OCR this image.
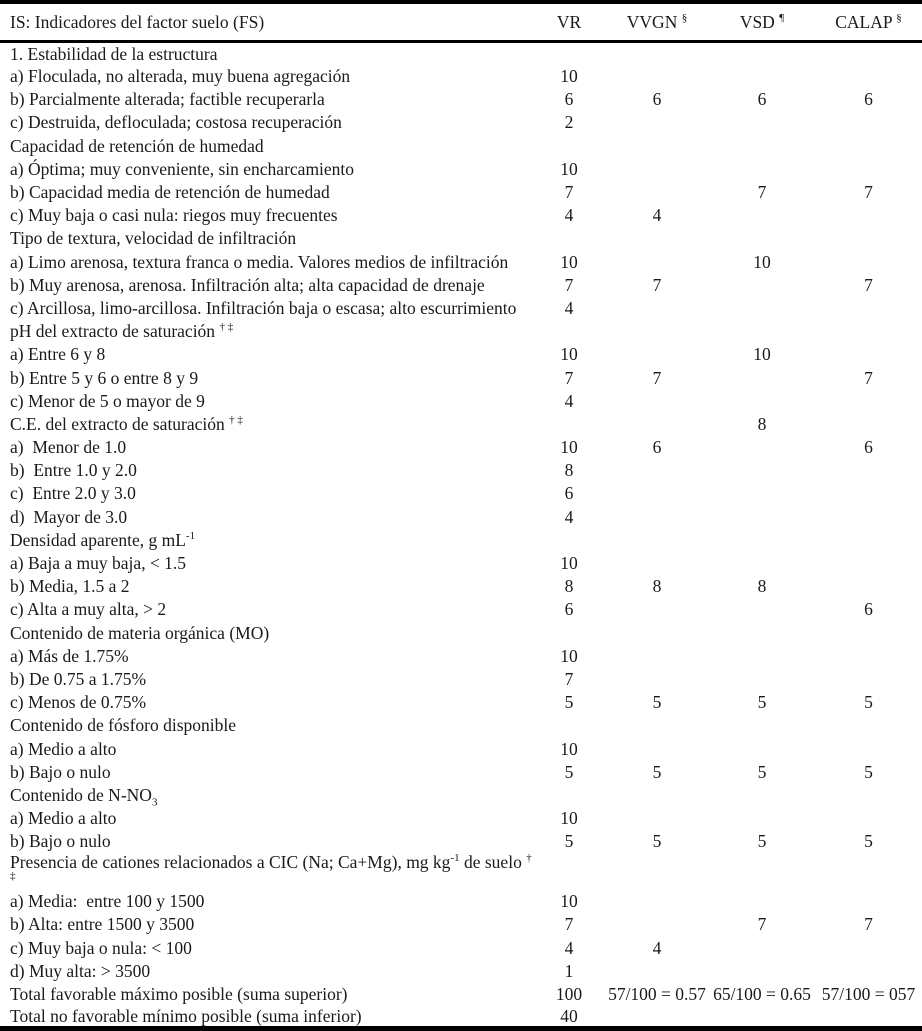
IS: Indicadores del factor suelo (FS)	VR	VVGN §	VSD ¶	CALAP §
1. Estabilidad de la estructura				
a) Floculada, no alterada, muy buena agregación	10			
b) Parcialmente alterada; factible recuperarla	6	6	6	6
c) Destruida, defloculada; costosa recuperación	2			
Capacidad de retención de humedad				
a) Óptima; muy conveniente, sin encharcamiento	10			
b) Capacidad media de retención de humedad	7		7	7
c) Muy baja o casi nula: riegos muy frecuentes	4	4		
Tipo de textura, velocidad de infiltración				
a) Limo arenosa, textura franca o media. Valores medios de infiltración	10		10	
b) Muy arenosa, arenosa. Infiltración alta; alta capacidad de drenaje	7	7		7
c) Arcillosa, limo-arcillosa. Infiltración baja o escasa; alto escurrimiento	4			
pH del extracto de saturación † ‡				
a) Entre 6 y 8	10		10	
b) Entre 5 y 6 o entre 8 y 9	7	7		7
c) Menor de 5 o mayor de 9	4			
C.E. del extracto de saturación † ‡			8	
a)  Menor de 1.0	10	6		6
b)  Entre 1.0 y 2.0	8			
c)  Entre 2.0 y 3.0	6			
d)  Mayor de 3.0	4			
Densidad aparente, g $mL^{-1}$				
a) Baja a muy baja, < 1.5	10			
b) Media, 1.5 a 2	8	8	8	
c) Alta a muy alta, > 2	6			6
Contenido de materia orgánica (MO)				
a) Más de 1.75%	10			
b) De 0.75 a 1.75%	7			
c) Menos de 0.75%	5	5	5	5
Contenido de fósforo disponible				
a) Medio a alto	10			
b) Bajo o nulo	5	5	5	5
Contenido de $N-NO_3$				
a) Medio a alto	10			
b) Bajo o nulo	5	5	5	5
Presencia de cationes relacionados a CIC (Na; Ca+Mg), mg $kg^{-1}$ de suelo † ‡				
a) Media:  entre 100 y 1500	10			
b) Alta: entre 1500 y 3500	7		7	7
c) Muy baja o nula: < 100	4	4		
d) Muy alta: > 3500	1			
Total favorable máximo posible (suma superior)	100	57/100 = 0.57	65/100 = 0.65	57/100 = 057
Total no favorable mínimo posible (suma inferior)	40			
